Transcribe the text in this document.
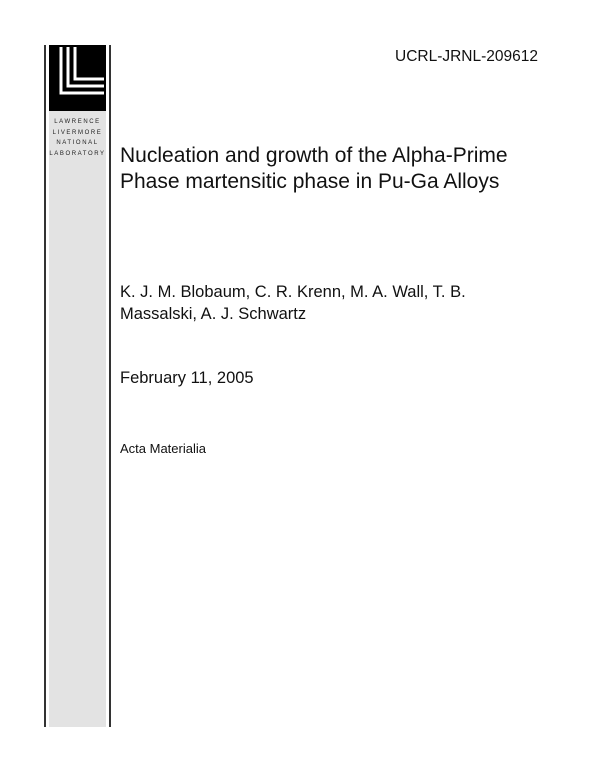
LAWRENCE
LIVERMORE
NATIONAL
LABORATORY
UCRL-JRNL-209612
Nucleation and growth of the Alpha-Prime
Phase martensitic phase in Pu-Ga Alloys
K. J. M. Blobaum, C. R. Krenn, M. A. Wall, T. B.
Massalski, A. J. Schwartz
February 11, 2005
Acta Materialia
